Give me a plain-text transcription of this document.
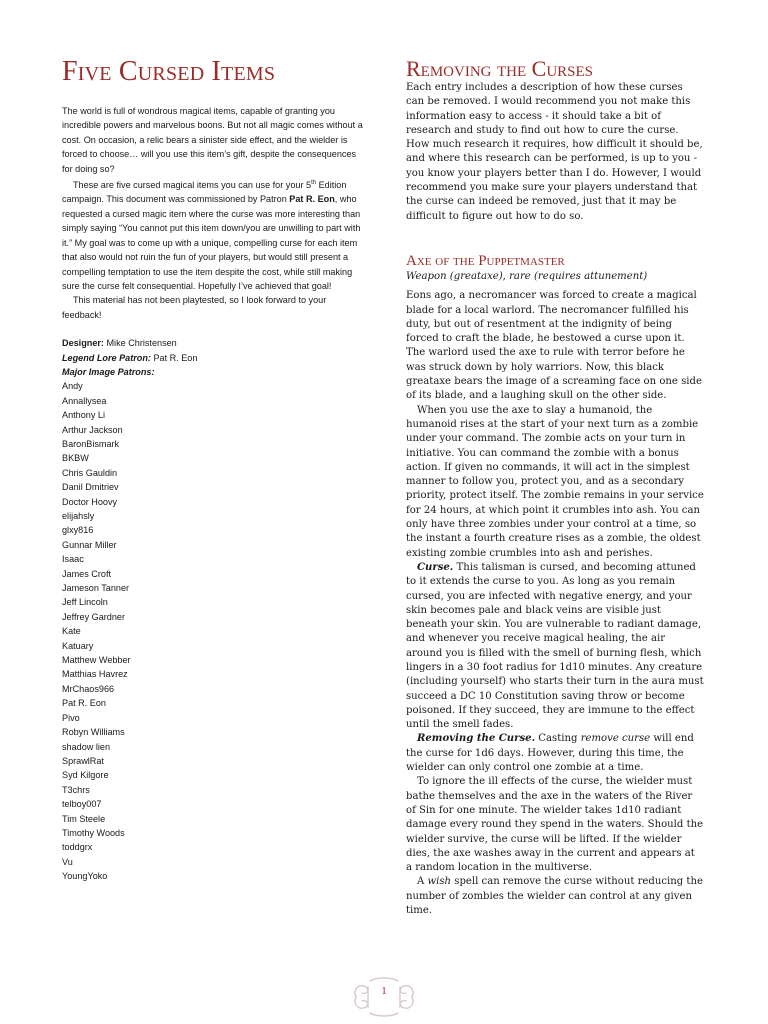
Five Cursed Items

The world is full of wondrous magical items, capable of granting you incredible powers and marvelous boons. But not all magic comes without a cost. On occasion, a relic bears a sinister side effect, and the wielder is forced to choose… will you use this item’s gift, despite the consequences for doing so?

These are five cursed magical items you can use for your 5th Edition campaign. This document was commissioned by Patron Pat R. Eon, who requested a cursed magic item where the curse was more interesting than simply saying “You cannot put this item down/you are unwilling to part with it.” My goal was to come up with a unique, compelling curse for each item that also would not ruin the fun of your players, but would still present a compelling temptation to use the item despite the cost, while still making sure the curse felt consequential. Hopefully I’ve achieved that goal!

This material has not been playtested, so I look forward to your feedback!

Designer: Mike Christensen
Legend Lore Patron: Pat R. Eon
Major Image Patrons:
Andy
Annallysea
Anthony Li
Arthur Jackson
BaronBismark
BKBW
Chris Gauldin
Danil Dmitriev
Doctor Hoovy
elijahsly
glxy816
Gunnar Miller
Isaac
James Croft
Jameson Tanner
Jeff Lincoln
Jeffrey Gardner
Kate
Katuary
Matthew Webber
Matthias Havrez
MrChaos966
Pat R. Eon
Pivo
Robyn Williams
shadow lien
SprawlRat
Syd Kilgore
T3chrs
telboy007
Tim Steele
Timothy Woods
toddgrx
Vu
YoungYoko
Removing the Curses

Each entry includes a description of how these curses can be removed. I would recommend you not make this information easy to access - it should take a bit of research and study to find out how to cure the curse. How much research it requires, how difficult it should be, and where this research can be performed, is up to you - you know your players better than I do. However, I would recommend you make sure your players understand that the curse can indeed be removed, just that it may be difficult to figure out how to do so.

Axe of the Puppetmaster

Weapon (greataxe), rare (requires attunement)

Eons ago, a necromancer was forced to create a magical blade for a local warlord. The necromancer fulfilled his duty, but out of resentment at the indignity of being forced to craft the blade, he bestowed a curse upon it. The warlord used the axe to rule with terror before he was struck down by holy warriors. Now, this black greataxe bears the image of a screaming face on one side of its blade, and a laughing skull on the other side.

When you use the axe to slay a humanoid, the humanoid rises at the start of your next turn as a zombie under your command. The zombie acts on your turn in initiative. You can command the zombie with a bonus action. If given no commands, it will act in the simplest manner to follow you, protect you, and as a secondary priority, protect itself. The zombie remains in your service for 24 hours, at which point it crumbles into ash. You can only have three zombies under your control at a time, so the instant a fourth creature rises as a zombie, the oldest existing zombie crumbles into ash and perishes.

Curse. This talisman is cursed, and becoming attuned to it extends the curse to you. As long as you remain cursed, you are infected with negative energy, and your skin becomes pale and black veins are visible just beneath your skin. You are vulnerable to radiant damage, and whenever you receive magical healing, the air around you is filled with the smell of burning flesh, which lingers in a 30 foot radius for 1d10 minutes. Any creature (including yourself) who starts their turn in the aura must succeed a DC 10 Constitution saving throw or become poisoned. If they succeed, they are immune to the effect until the smell fades.

Removing the Curse. Casting remove curse will end the curse for 1d6 days. However, during this time, the wielder can only control one zombie at a time.

To ignore the ill effects of the curse, the wielder must bathe themselves and the axe in the waters of the River of Sin for one minute. The wielder takes 1d10 radiant damage every round they spend in the waters. Should the wielder survive, the curse will be lifted. If the wielder dies, the axe washes away in the current and appears at a random location in the multiverse.

A wish spell can remove the curse without reducing the number of zombies the wielder can control at any given time.

1
